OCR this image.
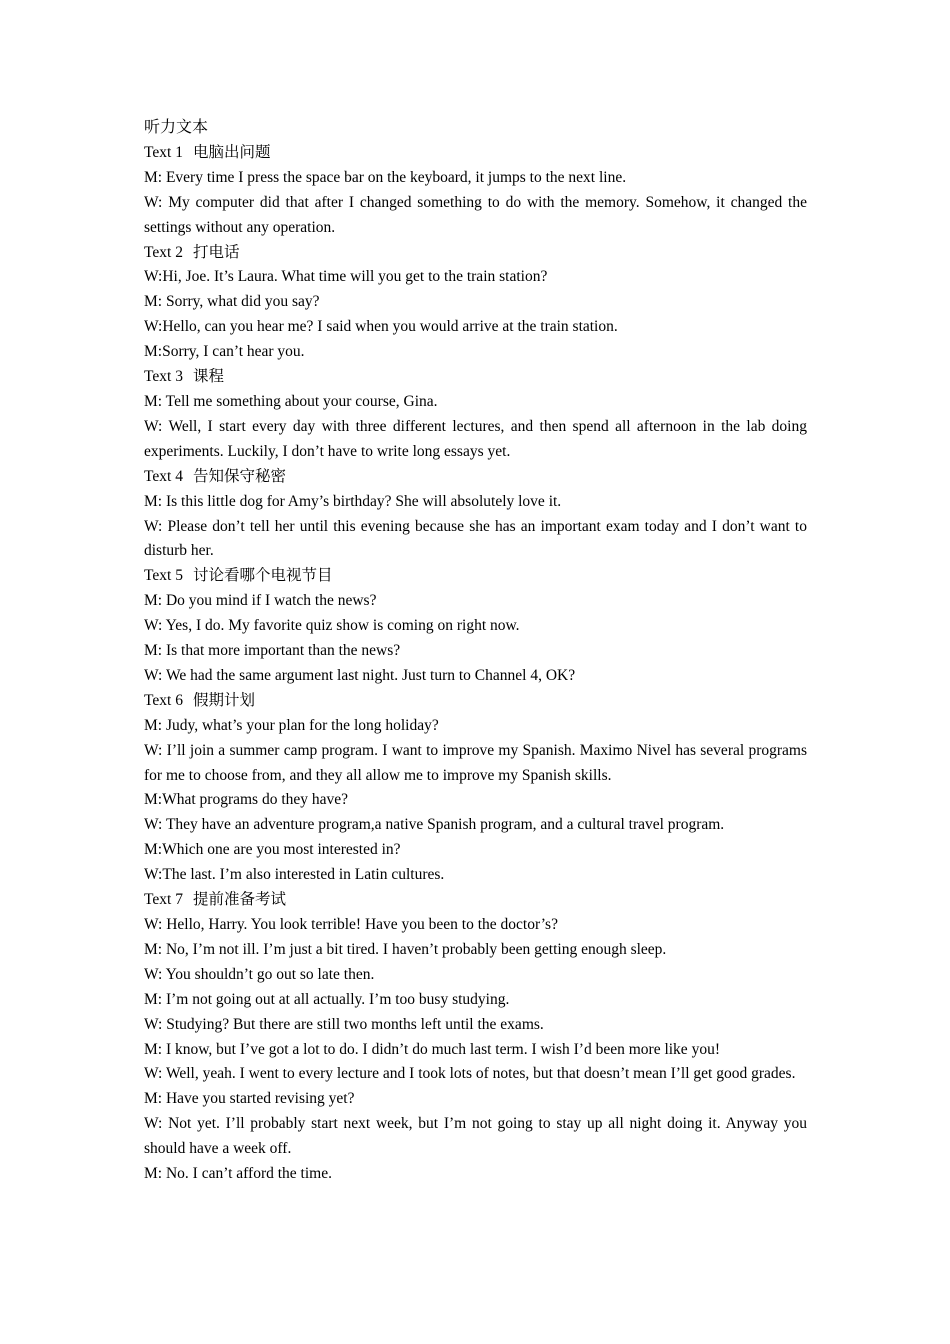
听力文本

Text 1 电脑出问题

M: Every time I press the space bar on the keyboard, it jumps to the next line.

W: My computer did that after I changed something to do with the memory. Somehow, it changed the settings without any operation.

Text 2 打电话

W:Hi, Joe. It’s Laura. What time will you get to the train station?

M: Sorry, what did you say?

W:Hello, can you hear me? I said when you would arrive at the train station.

M:Sorry, I can’t hear you.

Text 3 课程

M: Tell me something about your course, Gina.

W: Well, I start every day with three different lectures, and then spend all afternoon in the lab doing experiments. Luckily, I don’t have to write long essays yet.

Text 4 告知保守秘密

M: Is this little dog for Amy’s birthday? She will absolutely love it.

W: Please don’t tell her until this evening because she has an important exam today and I don’t want to disturb her.

Text 5 讨论看哪个电视节目

M: Do you mind if I watch the news?

W: Yes, I do. My favorite quiz show is coming on right now.

M: Is that more important than the news?

W: We had the same argument last night. Just turn to Channel 4, OK?

Text 6 假期计划

M: Judy, what’s your plan for the long holiday?

W: I’ll join a summer camp program. I want to improve my Spanish. Maximo Nivel has several programs for me to choose from, and they all allow me to improve my Spanish skills.

M:What programs do they have?

W: They have an adventure program,a native Spanish program, and a cultural travel program.

M:Which one are you most interested in?

W:The last. I’m also interested in Latin cultures.

Text 7 提前准备考试

W: Hello, Harry. You look terrible! Have you been to the doctor’s?

M: No, I’m not ill. I’m just a bit tired. I haven’t probably been getting enough sleep.

W: You shouldn’t go out so late then.

M: I’m not going out at all actually. I’m too busy studying.

W: Studying? But there are still two months left until the exams.

M: I know, but I’ve got a lot to do. I didn’t do much last term. I wish I’d been more like you!

W: Well, yeah. I went to every lecture and I took lots of notes, but that doesn’t mean I’ll get good grades.

M: Have you started revising yet?

W: Not yet. I’ll probably start next week, but I’m not going to stay up all night doing it. Anyway you should have a week off.

M: No. I can’t afford the time.
